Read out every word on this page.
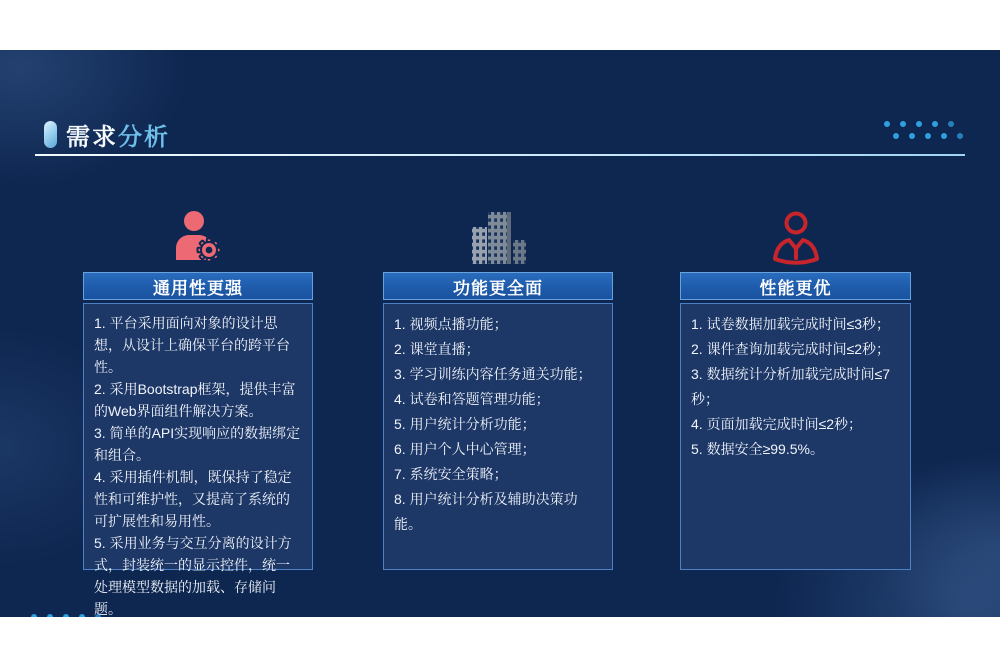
需求分析
通用性更强
1. 平台采用面向对象的设计思想，从设计上确保平台的跨平台性。
2. 采用Bootstrap框架，提供丰富的Web界面组件解决方案。
3. 简单的API实现响应的数据绑定和组合。
4. 采用插件机制，既保持了稳定性和可维护性，又提高了系统的可扩展性和易用性。
5. 采用业务与交互分离的设计方式，封装统一的显示控件，统一处理模型数据的加载、存储问题。
功能更全面
1. 视频点播功能；
2. 课堂直播；
3. 学习训练内容任务通关功能；
4. 试卷和答题管理功能；
5. 用户统计分析功能；
6. 用户个人中心管理；
7. 系统安全策略；
8. 用户统计分析及辅助决策功能。
性能更优
1. 试卷数据加载完成时间≤3秒；
2. 课件查询加载完成时间≤2秒；
3. 数据统计分析加载完成时间≤7秒；
4. 页面加载完成时间≤2秒；
5. 数据安全≥99.5%。
